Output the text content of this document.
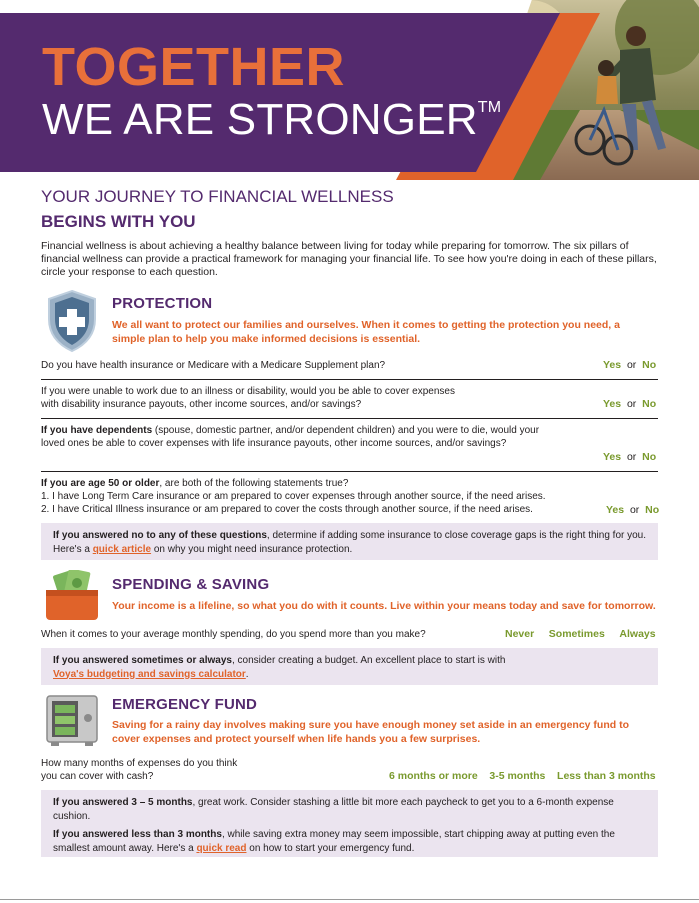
TOGETHER
WE ARE STRONGER™
YOUR JOURNEY TO FINANCIAL WELLNESS
BEGINS WITH YOU
Financial wellness is about achieving a healthy balance between living for today while preparing for tomorrow. The six pillars of financial wellness can provide a practical framework for managing your financial life. To see how you're doing in each of these pillars, circle your response to each question.
PROTECTION
We all want to protect our families and ourselves. When it comes to getting the protection you need, a simple plan to help you make informed decisions is essential.
Do you have health insurance or Medicare with a Medicare Supplement plan?	Yes or No
If you were unable to work due to an illness or disability, would you be able to cover expenses with disability insurance payouts, other income sources, and/or savings?	Yes or No
If you have dependents (spouse, domestic partner, and/or dependent children) and you were to die, would your loved ones be able to cover expenses with life insurance payouts, other income sources, and/or savings?
Yes or No
If you are age 50 or older, are both of the following statements true?
1. I have Long Term Care insurance or am prepared to cover expenses through another source, if the need arises.
2. I have Critical Illness insurance or am prepared to cover the costs through another source, if the need arises.	Yes or No
If you answered no to any of these questions, determine if adding some insurance to close coverage gaps is the right thing for you. Here's a quick article on why you might need insurance protection.
SPENDING & SAVING
Your income is a lifeline, so what you do with it counts. Live within your means today and save for tomorrow.
When it comes to your average monthly spending, do you spend more than you make?	Never Sometimes Always
If you answered sometimes or always, consider creating a budget. An excellent place to start is with
Voya's budgeting and savings calculator.
EMERGENCY FUND
Saving for a rainy day involves making sure you have enough money set aside in an emergency fund to cover expenses and protect yourself when life hands you a few surprises.
How many months of expenses do you think
you can cover with cash?	6 months or more 3-5 months Less than 3 months
If you answered 3 – 5 months, great work. Consider stashing a little bit more each paycheck to get you to a 6-month expense cushion.
If you answered less than 3 months, while saving extra money may seem impossible, start chipping away at putting even the smallest amount away. Here's a quick read on how to start your emergency fund.
